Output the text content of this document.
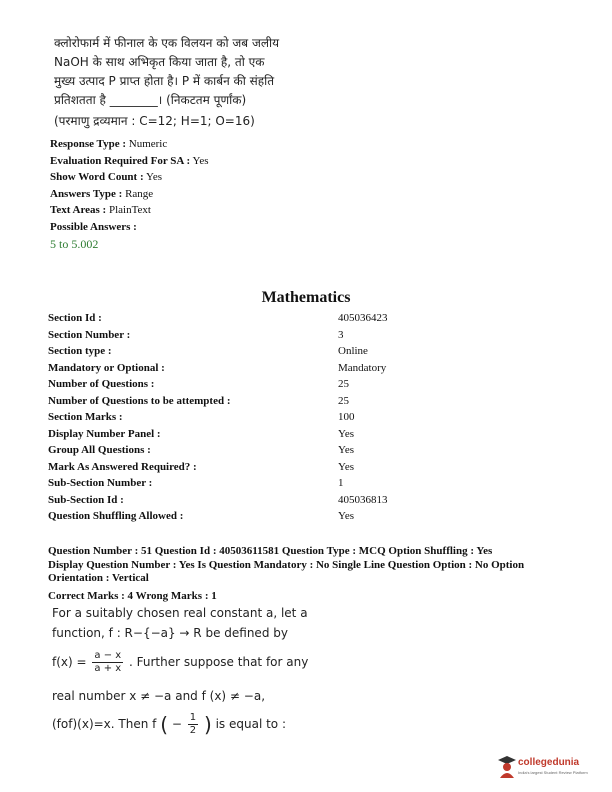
क्लोरोफार्म में फीनाल के एक विलयन को जब जलीय
NaOH के साथ अभिकृत किया जाता है, तो एक
मुख्य उत्पाद P प्राप्त होता है। P में कार्बन की संहति
प्रतिशतता है ________। (निकटतम पूर्णांक)
(परमाणु द्रव्यमान : C=12; H=1; O=16)
Response Type : Numeric
Evaluation Required For SA : Yes
Show Word Count : Yes
Answers Type : Range
Text Areas : PlainText
Possible Answers :
5 to 5.002
Mathematics
Section Id :	405036423
Section Number :	3
Section type :	Online
Mandatory or Optional :	Mandatory
Number of Questions :	25
Number of Questions to be attempted :	25
Section Marks :	100
Display Number Panel :	Yes
Group All Questions :	Yes
Mark As Answered Required? :	Yes
Sub-Section Number :	1
Sub-Section Id :	405036813
Question Shuffling Allowed :	Yes
Question Number : 51 Question Id : 40503611581 Question Type : MCQ Option Shuffling : Yes
Display Question Number : Yes Is Question Mandatory : No Single Line Question Option : No Option
Orientation : Vertical
Correct Marks : 4 Wrong Marks : 1
For a suitably chosen real constant a, let a
function, f : R−{−a} → R be defined by
$f(x) = \frac{a - x}{a + x}$ . Further suppose that for any
real number x ≠ −a and f (x) ≠ −a,
(fof)(x)=x. Then f ( − $\frac{1}{2}$ ) is equal to :
collegedunia
India's largest Student Review Platform
